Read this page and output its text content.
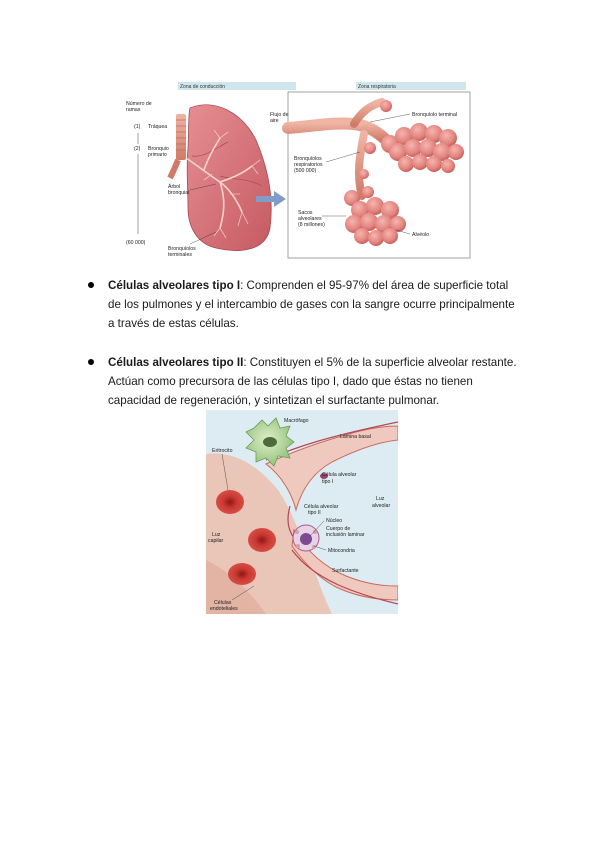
Zona de conducción	Zona respiratoria
Número de
ramas
(1)
(2)
(60 000)
Tráquea
Bronquio
primario
Árbol
bronquial
Bronquíolos
terminales
Flujo de
aire
Bronquíolo terminal
Bronquíolos
respiratorios
(500 000)
Sacos
alveolares
(8 millones)
Alvéolo
Células alveolares tipo I: Comprenden el 95-97% del área de superficie total
de los pulmones y el intercambio de gases con la sangre ocurre principalmente
a través de estas células.
Células alveolares tipo II: Constituyen el 5% de la superficie alveolar restante.
Actúan como precursora de las células tipo I, dado que éstas no tienen
capacidad de regeneración, y sintetizan el surfactante pulmonar.
Macrófago
Lámina basal
Eritrocito
Célula alveolar
tipo I
Luz
alveolar
Célula alveolar
tipo II
Núcleo
Cuerpo de
inclusión laminar
Luz
capilar
Mitocondria
Surfactante
Células
endoteliales
